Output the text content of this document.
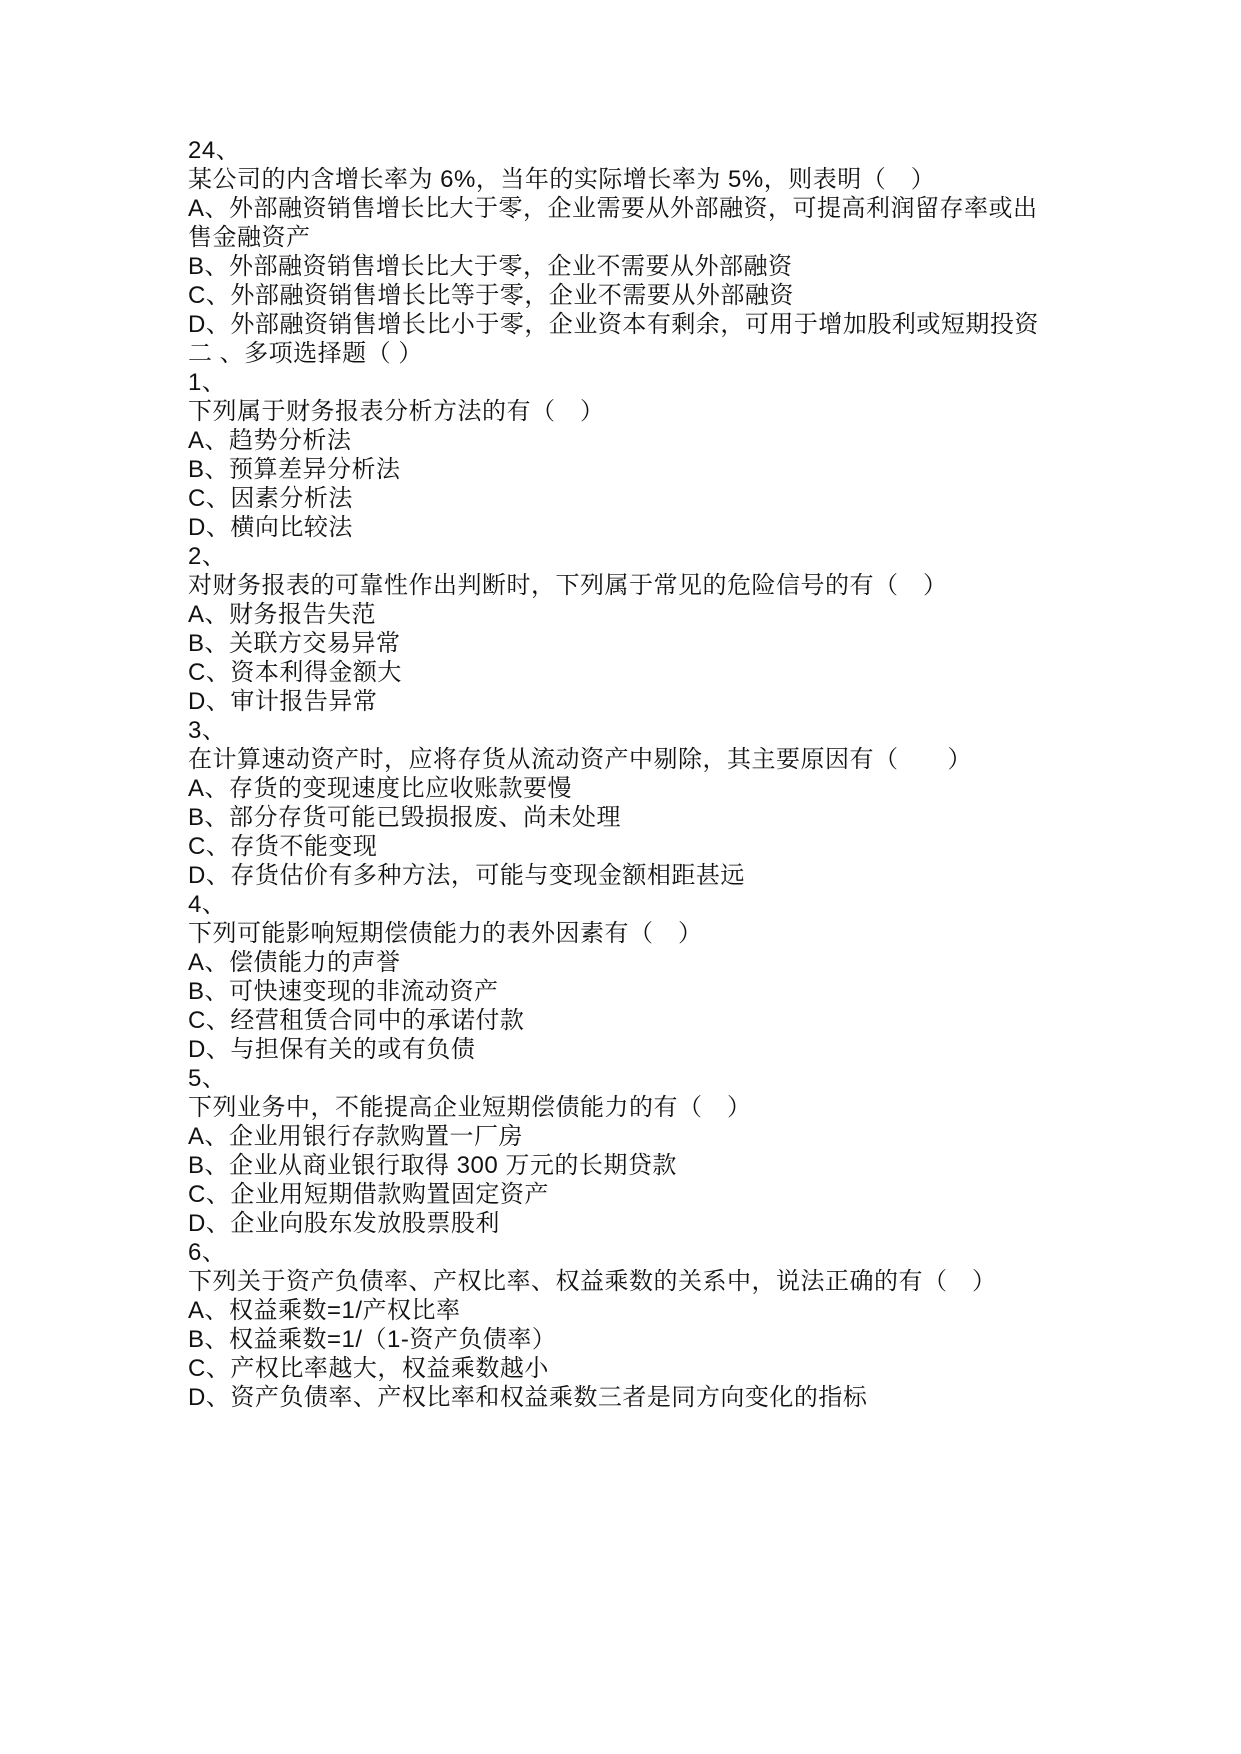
24、
某公司的内含增长率为 6%，当年的实际增长率为 5%，则表明（　）
A、外部融资销售增长比大于零，企业需要从外部融资，可提高利润留存率或出
售金融资产
B、外部融资销售增长比大于零，企业不需要从外部融资
C、外部融资销售增长比等于零，企业不需要从外部融资
D、外部融资销售增长比小于零，企业资本有剩余，可用于增加股利或短期投资
二 、多项选择题（ ）
1、
下列属于财务报表分析方法的有（　）
A、趋势分析法
B、预算差异分析法
C、因素分析法
D、横向比较法
2、
对财务报表的可靠性作出判断时，下列属于常见的危险信号的有（　）
A、财务报告失范
B、关联方交易异常
C、资本利得金额大
D、审计报告异常
3、
在计算速动资产时，应将存货从流动资产中剔除，其主要原因有（　　）
A、存货的变现速度比应收账款要慢
B、部分存货可能已毁损报废、尚未处理
C、存货不能变现
D、存货估价有多种方法，可能与变现金额相距甚远
4、
下列可能影响短期偿债能力的表外因素有（　）
A、偿债能力的声誉
B、可快速变现的非流动资产
C、经营租赁合同中的承诺付款
D、与担保有关的或有负债
5、
下列业务中，不能提高企业短期偿债能力的有（　）
A、企业用银行存款购置一厂房
B、企业从商业银行取得 300 万元的长期贷款
C、企业用短期借款购置固定资产
D、企业向股东发放股票股利
6、
下列关于资产负债率、产权比率、权益乘数的关系中，说法正确的有（　）
A、权益乘数=1/产权比率
B、权益乘数=1/（1-资产负债率）
C、产权比率越大，权益乘数越小
D、资产负债率、产权比率和权益乘数三者是同方向变化的指标
